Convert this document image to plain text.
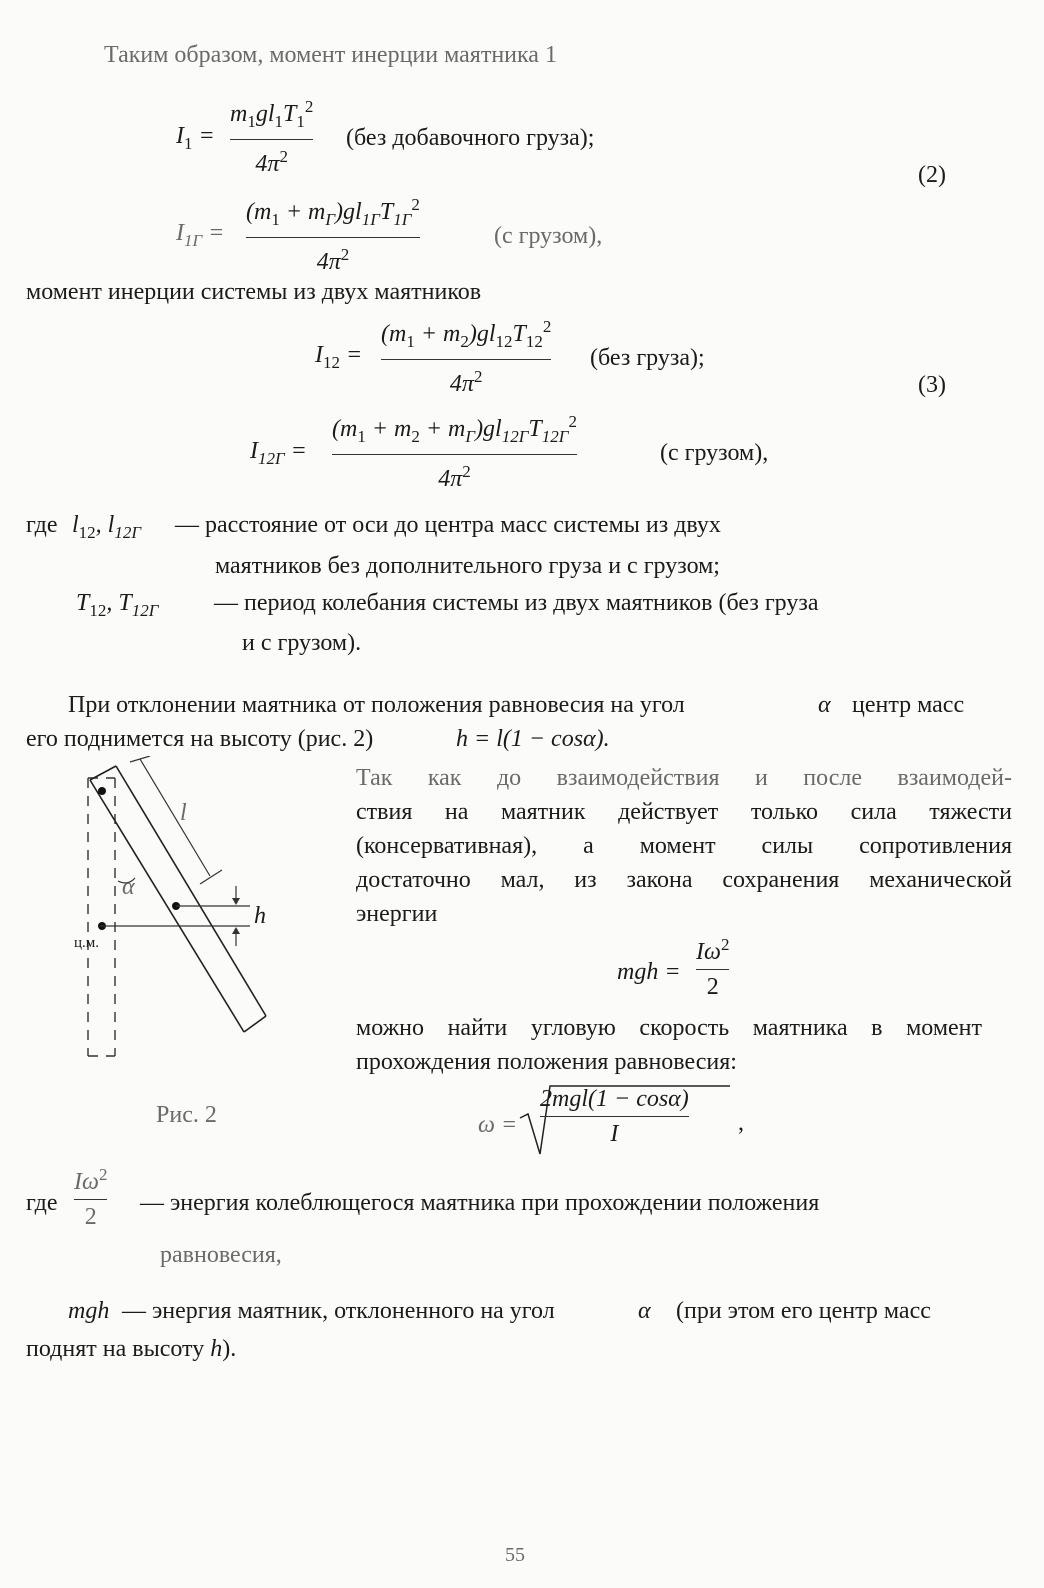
Таким образом, момент инерции маятника 1
$I_1$ =
$m_1gl_1T_1^2$
$4\pi^2$
(без добавочного груза);
(2)
$I_{1Г}$ =
$(m_1 + m_Г)gl_{1Г}T_{1Г}^2$
$4\pi^2$
(с грузом),
момент инерции системы из двух маятников
$I_{12}$ =
$(m_1 + m_2)gl_{12}T_{12}^2$
$4\pi^2$
(без груза);
(3)
$I_{12Г}$ =
$(m_1 + m_2 + m_Г)gl_{12Г}T_{12Г}^2$
$4\pi^2$
(с грузом),
где $l_{12}$, $l_{12Г}$ — расстояние от оси до центра масс системы из двух
маятников без дополнительного груза и с грузом;
$T_{12}$, $T_{12Г}$ — период колебания системы из двух маятников (без груза
и с грузом).
При отклонении маятника от положения равновесия на угол	α центр масс
его поднимется на высоту (рис. 2)	h = l(1 − cosα).
l
α
h
ц.м.
Рис. 2
Так как до взаимодействия и после взаимодей-
ствия на маятник действует только сила тяжести
(консервативная), а момент силы сопротивления
достаточно мал, из закона сохранения механической
энергии
mgh =
$I\omega^2$
2
можно найти угловую скорость маятника в момент
прохождения положения равновесия:
ω =
2mgl(1 − cosα)
I	,
где
$I\omega^2$
2
— энергия колеблющегося маятника при прохождении положения
равновесия,
mgh — энергия маятник, отклоненного на угол	α (при этом его центр масс
поднят на высоту h).
55
